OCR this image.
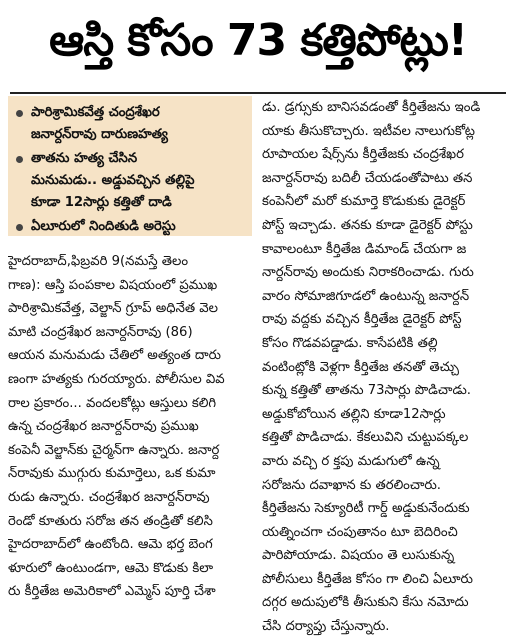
ఆస్తి కోసం 73 కత్తిపోట్లు!
పారిశ్రామికవేత్త చంద్రశేఖర
జనార్దన్‌రావు దారుణహత్య
తాతను హత్య చేసిన
మనుమడు.. అడ్డువచ్చిన తల్లిపై
కూడా 12సార్లు కత్తితో దాడి
ఏలూరులో నిందితుడి అరెస్టు
హైదరాబాద్,ఫిబ్రవరి 9(నమస్తే తెలం
గాణ): ఆస్తి పంపకాల విషయంలో ప్రముఖ
పారిశ్రామికవేత్త, వెల్జాన్ గ్రూప్ అధినేత వెల
మాటి చంద్రశేఖర జనార్దన్‌రావు (86)
ఆయన మనుమడు చేతిలో అత్యంత దారు
ణంగా హత్యకు గురయ్యారు. పోలీసుల వివ
రాల ప్రకారం... వందలకోట్లు ఆస్తులు కలిగి
ఉన్న చంద్రశేఖర జనార్దన్‌రావు ప్రముఖ
కంపెనీ వెల్జాన్‌కు చైర్మన్‌గా ఉన్నారు. జనార్ద
న్‌రావుకు ముగ్గురు కుమార్తెలు, ఒక కుమా
రుడు ఉన్నారు. చంద్రశేఖర జనార్దన్‌రావు
రెండో కూతురు సరోజ తన తండ్రితో కలిసి
హైదరాబాద్‌లో ఉంటోంది. ఆమె భర్త బెంగ
ళూరులో ఉంటుండగా, ఆమె కొడుకు కిలా
రు కీర్తితేజ అమెరికాలో ఎమ్మెస్ పూర్తి చేశా
డు. డ్రగ్సుకు బానిసవడంతో కీర్తితేజను ఇండి
యాకు తీసుకొచ్చారు. ఇటీవల నాలుగుకోట్ల
రూపాయల షేర్స్‌ను కీర్తితేజకు చంద్రశేఖర
జనార్దన్‌రావు బదిలీ చేయడంతోపాటు తన
కంపెనీలో మరో కుమార్తె కొడుకుకు డైరెక్టర్
పోస్ట్ ఇచ్చాడు. తనకు కూడా డైరెక్టర్ పోస్టు
కావాలంటూ కీర్తితేజ డిమాండ్ చేయగా జ
నార్దన్‌రావు అందుకు నిరాకరించాడు. గురు
వారం సోమాజిగూడలో ఉంటున్న జనార్దన్
రావు వద్దకు వచ్చిన కీర్తితేజ డైరెక్టర్ పోస్ట్
కోసం గొడవపడ్డాడు. కాసేపటికి తల్లి
వంటింట్లోకి వెళ్లగా కీర్తితేజ తనతో తెచ్చు
కున్న కత్తితో తాతను 73సార్లు పొడిచాడు.
అడ్డుకోబోయిన తల్లిని కూడా12సార్లు
కత్తితో పొడిచాడు. కేకలువిని చుట్టుపక్కల
వారు వచ్చి ర క్తపు మడుగులో ఉన్న
సరోజను దవాఖాన కు తరలించారు.
కీర్తితేజను సెక్యూరిటీ గార్డ్ అడ్డుకునేందుకు
యత్నించగా చంపుతానం టూ బెదిరించి
పారిపోయాడు. విషయం తె లుసుకున్న
పోలీసులు కీర్తితేజ కోసం గా లించి ఏలూరు
దగ్గర అదుపులోకి తీసుకుని కేసు నమోదు
చేసి దర్యాప్తు చేస్తున్నారు.
